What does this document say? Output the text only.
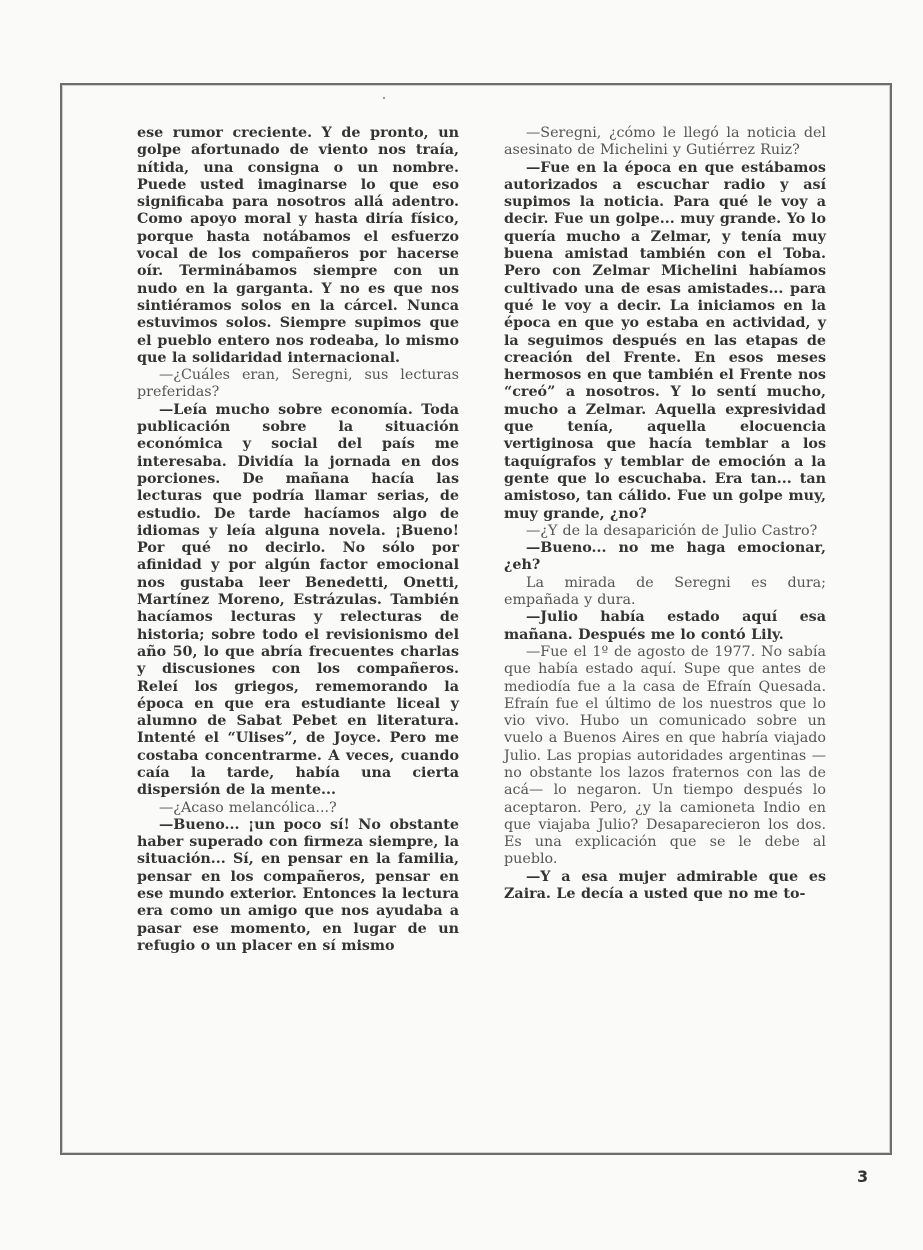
ese rumor creciente. Y de pronto, un golpe afortunado de viento nos traía, nítida, una consigna o un nombre. Puede usted imaginarse lo que eso significaba para nosotros allá adentro. Como apoyo moral y hasta diría físico, porque hasta notábamos el esfuerzo vocal de los compañeros por hacerse oír. Terminábamos siempre con un nudo en la garganta. Y no es que nos sintiéramos solos en la cárcel. Nunca estuvimos solos. Siempre supimos que el pueblo entero nos rodeaba, lo mismo que la solidaridad internacional.

—¿Cuáles eran, Seregni, sus lecturas preferidas?

—Leía mucho sobre economía. Toda publicación sobre la situación económica y social del país me interesaba. Dividía la jornada en dos porciones. De mañana hacía las lecturas que podría llamar serias, de estudio. De tarde hacíamos algo de idiomas y leía alguna novela. ¡Bueno! Por qué no decirlo. No sólo por afinidad y por algún factor emocional nos gustaba leer Benedetti, Onetti, Martínez Moreno, Estrázulas. También hacíamos lecturas y relecturas de historia; sobre todo el revisionismo del año 50, lo que abría frecuentes charlas y discusiones con los compañeros. Releí los griegos, rememorando la época en que era estudiante liceal y alumno de Sabat Pebet en literatura. Intenté el “Ulises”, de Joyce. Pero me costaba concentrarme. A veces, cuando caía la tarde, había una cierta dispersión de la mente...

—¿Acaso melancólica...?

—Bueno... ¡un poco sí! No obstante haber superado con firmeza siempre, la situación... Sí, en pensar en la familia, pensar en los compañeros, pensar en ese mundo exterior. Entonces la lectura era como un amigo que nos ayudaba a pasar ese momento, en lugar de un refugio o un placer en sí mismo

—Seregni, ¿cómo le llegó la noticia del asesinato de Michelini y Gutiérrez Ruiz?

—Fue en la época en que estábamos autorizados a escuchar radio y así supimos la noticia. Para qué le voy a decir. Fue un golpe... muy grande. Yo lo quería mucho a Zelmar, y tenía muy buena amistad también con el Toba. Pero con Zelmar Michelini habíamos cultivado una de esas amistades... para qué le voy a decir. La iniciamos en la época en que yo estaba en actividad, y la seguimos después en las etapas de creación del Frente. En esos meses hermosos en que también el Frente nos “creó” a nosotros. Y lo sentí mucho, mucho a Zelmar. Aquella expresividad que tenía, aquella elocuencia vertiginosa que hacía temblar a los taquígrafos y temblar de emoción a la gente que lo escuchaba. Era tan... tan amistoso, tan cálido. Fue un golpe muy, muy grande, ¿no?

—¿Y de la desaparición de Julio Castro?

—Bueno... no me haga emocionar, ¿eh?

La mirada de Seregni es dura; empañada y dura.

—Julio había estado aquí esa mañana. Después me lo contó Lily.

—Fue el 1º de agosto de 1977. No sabía que había estado aquí. Supe que antes de mediodía fue a la casa de Efraín Quesada. Efraín fue el último de los nuestros que lo vio vivo. Hubo un comunicado sobre un vuelo a Buenos Aires en que habría viajado Julio. Las propias autoridades argentinas —no obstante los lazos fraternos con las de acá— lo negaron. Un tiempo después lo aceptaron. Pero, ¿y la camioneta Indio en que viajaba Julio? Desaparecieron los dos. Es una explicación que se le debe al pueblo.

—Y a esa mujer admirable que es Zaira. Le decía a usted que no me to-

3
